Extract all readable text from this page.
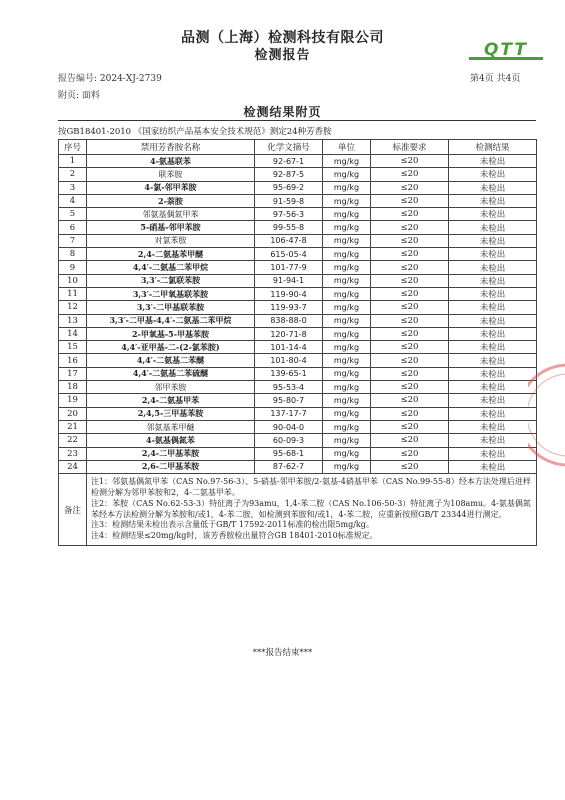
品测（上海）检测科技有限公司
检测报告	QTT
报告编号: 2024-XJ-2739	第4页 共4页
附页: 面料
检测结果附页
按GB18401-2010 《国家纺织产品基本安全技术规范》测定24种芳香胺
序号	禁用芳香胺名称	化学文摘号	单位	标准要求	检测结果
1	4-氨基联苯	92-67-1	mg/kg	≤20	未检出
2	联苯胺	92-87-5	mg/kg	≤20	未检出
3	4-氯-邻甲苯胺	95-69-2	mg/kg	≤20	未检出
4	2-萘胺	91-59-8	mg/kg	≤20	未检出
5	邻氨基偶氮甲苯	97-56-3	mg/kg	≤20	未检出
6	5-硝基-邻甲苯胺	99-55-8	mg/kg	≤20	未检出
7	对氯苯胺	106-47-8	mg/kg	≤20	未检出
8	2,4-二氨基苯甲醚	615-05-4	mg/kg	≤20	未检出
9	4,4′-二氨基二苯甲烷	101-77-9	mg/kg	≤20	未检出
10	3,3′-二氯联苯胺	91-94-1	mg/kg	≤20	未检出
11	3,3′-二甲氧基联苯胺	119-90-4	mg/kg	≤20	未检出
12	3,3′-二甲基联苯胺	119-93-7	mg/kg	≤20	未检出
13	3,3′-二甲基-4,4′-二氨基二苯甲烷	838-88-0	mg/kg	≤20	未检出
14	2-甲氧基-5-甲基苯胺	120-71-8	mg/kg	≤20	未检出
15	4,4′-亚甲基-二-(2-氯苯胺)	101-14-4	mg/kg	≤20	未检出
16	4,4′-二氨基二苯醚	101-80-4	mg/kg	≤20	未检出
17	4,4′-二氨基二苯硫醚	139-65-1	mg/kg	≤20	未检出
18	邻甲苯胺	95-53-4	mg/kg	≤20	未检出
19	2,4-二氨基甲苯	95-80-7	mg/kg	≤20	未检出
20	2,4,5-三甲基苯胺	137-17-7	mg/kg	≤20	未检出
21	邻氨基苯甲醚	90-04-0	mg/kg	≤20	未检出
22	4-氨基偶氮苯	60-09-3	mg/kg	≤20	未检出
23	2,4-二甲基苯胺	95-68-1	mg/kg	≤20	未检出
24	2,6-二甲基苯胺	87-62-7	mg/kg	≤20	未检出
备注	注1：邻氨基偶氮甲苯（CAS No.97-56-3）、5-硝基-邻甲苯胺/2-氨基-4硝基甲苯（CAS No.99-55-8）经本方法处理后进样检测分解为邻甲苯胺和2，4-二氨基甲苯。
注2：苯胺（CAS No.62-53-3）特征离子为93amu，1,4-苯二胺（CAS No.106-50-3）特征离子为108amu。4-氨基偶氮苯经本方法检测分解为苯胺和/或1，4-苯二胺，如检测到苯胺和/或1，4-苯二胺，应重新按照GB/T 23344进行测定。
注3：检测结果未检出表示含量低于GB/T 17592-2011标准的检出限5mg/kg。
注4：检测结果≤20mg/kg时，该芳香胺检出量符合GB 18401-2010标准规定。				
***报告结束***
